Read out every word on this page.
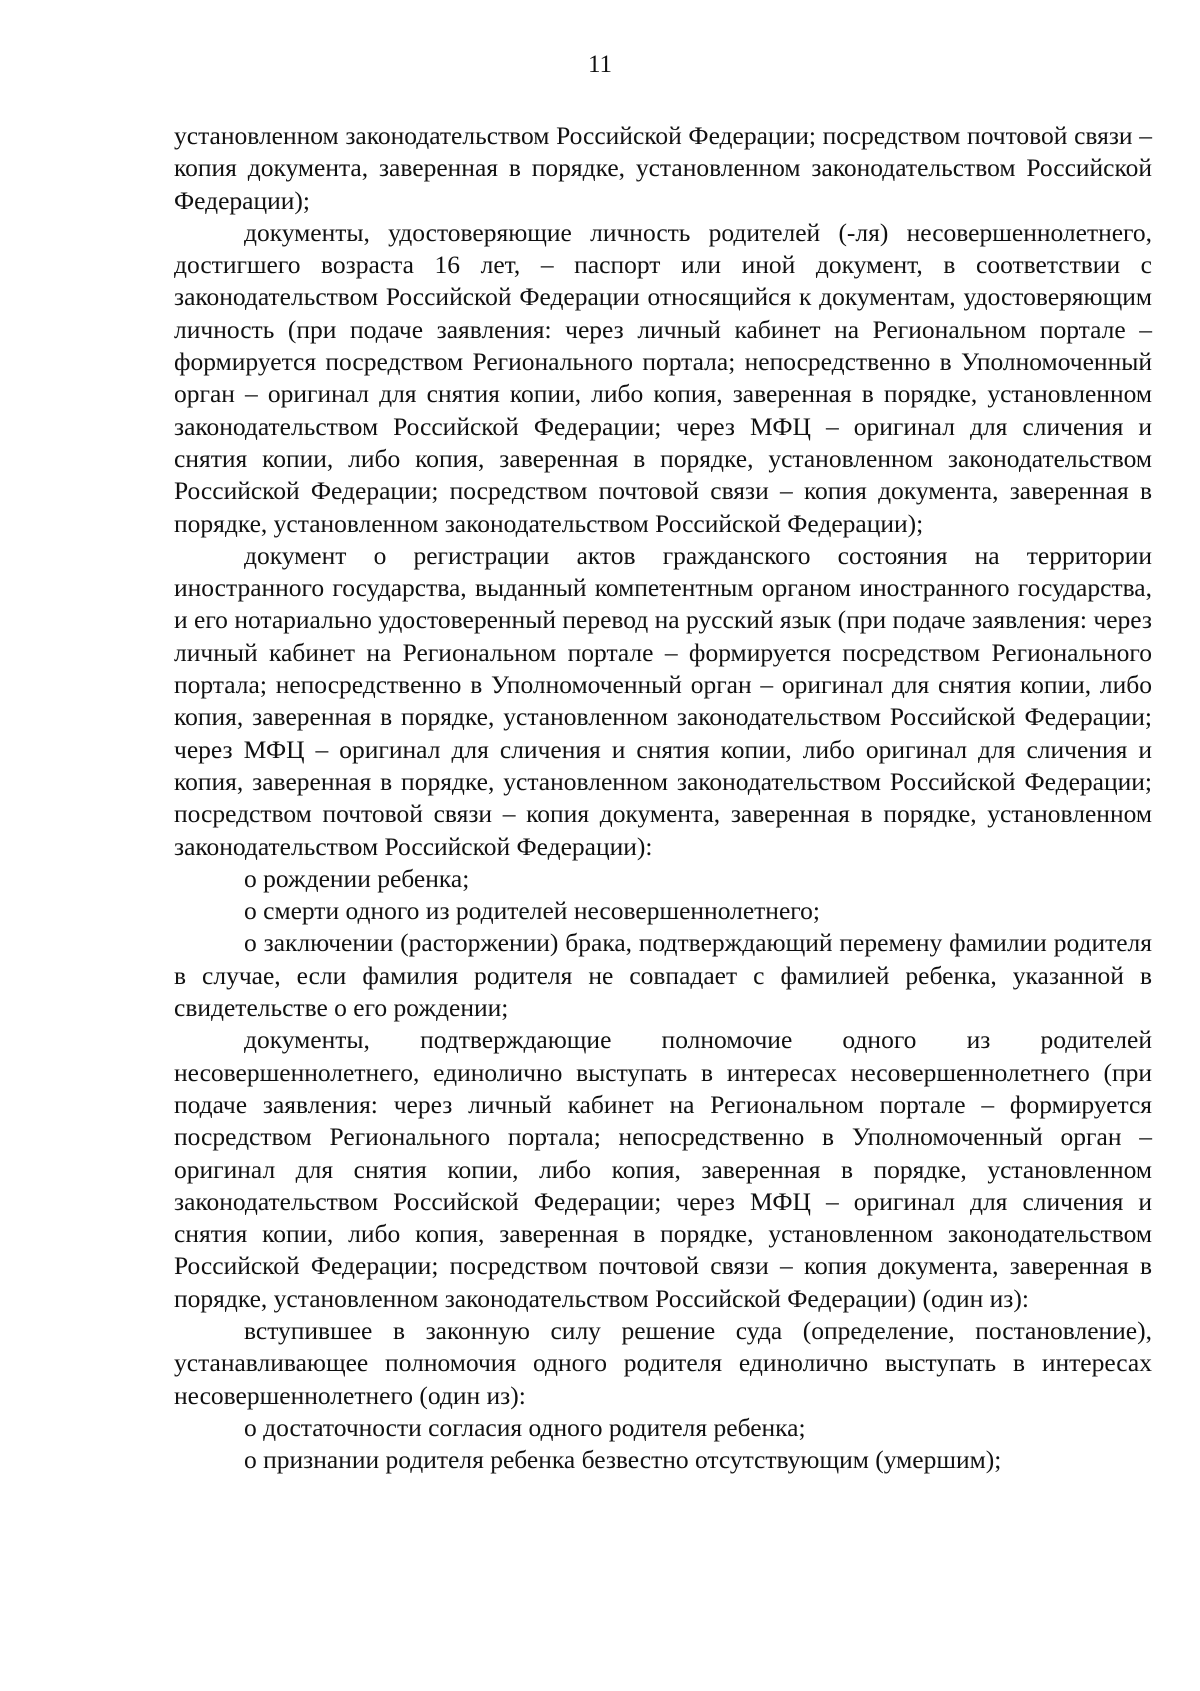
11

установленном законодательством Российской Федерации; посредством почтовой связи – копия документа, заверенная в порядке, установленном законодательством Российской Федерации);

документы, удостоверяющие личность родителей (-ля) несовершеннолетнего, достигшего возраста 16 лет, – паспорт или иной документ, в соответствии с законодательством Российской Федерации относящийся к документам, удостоверяющим личность (при подаче заявления: через личный кабинет на Региональном портале – формируется посредством Регионального портала; непосредственно в Уполномоченный орган – оригинал для снятия копии, либо копия, заверенная в порядке, установленном законодательством Российской Федерации; через МФЦ – оригинал для сличения и снятия копии, либо копия, заверенная в порядке, установленном законодательством Российской Федерации; посредством почтовой связи – копия документа, заверенная в порядке, установленном законодательством Российской Федерации);

документ о регистрации актов гражданского состояния на территории иностранного государства, выданный компетентным органом иностранного государства, и его нотариально удостоверенный перевод на русский язык (при подаче заявления: через личный кабинет на Региональном портале – формируется посредством Регионального портала; непосредственно в Уполномоченный орган – оригинал для снятия копии, либо копия, заверенная в порядке, установленном законодательством Российской Федерации; через МФЦ – оригинал для сличения и снятия копии, либо оригинал для сличения и копия, заверенная в порядке, установленном законодательством Российской Федерации; посредством почтовой связи – копия документа, заверенная в порядке, установленном законодательством Российской Федерации):

о рождении ребенка;

о смерти одного из родителей несовершеннолетнего;

о заключении (расторжении) брака, подтверждающий перемену фамилии родителя в случае, если фамилия родителя не совпадает с фамилией ребенка, указанной в свидетельстве о его рождении;

документы, подтверждающие полномочие одного из родителей несовершеннолетнего, единолично выступать в интересах несовершеннолетнего (при подаче заявления: через личный кабинет на Региональном портале – формируется посредством Регионального портала; непосредственно в Уполномоченный орган – оригинал для снятия копии, либо копия, заверенная в порядке, установленном законодательством Российской Федерации; через МФЦ – оригинал для сличения и снятия копии, либо копия, заверенная в порядке, установленном законодательством Российской Федерации; посредством почтовой связи – копия документа, заверенная в порядке, установленном законодательством Российской Федерации) (один из):

вступившее в законную силу решение суда (определение, постановление), устанавливающее полномочия одного родителя единолично выступать в интересах несовершеннолетнего (один из):

о достаточности согласия одного родителя ребенка;

о признании родителя ребенка безвестно отсутствующим (умершим);
